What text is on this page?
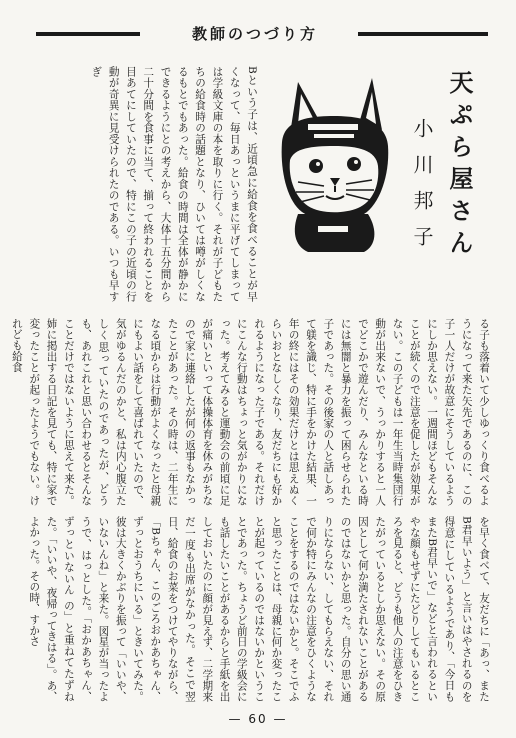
教師のつづり方
天ぷら屋さん
小川邦子
Bという子は、近頃急に給食を食べることが早くなって、毎日あっというまに平げてしまっては学級文庫の本を取りに行く。それが子どもたちの給食時の話題となり、ひいては噂がしくなるもとでもあった。給食の時間は全体が静かにできるようにとの考えから、大体十五分間から二十分間を食事に当て、揃って終われることを目あてにしていたので、特にこの子の近頃の行動が奇異に見受けられたのである。いつも早すぎ
る子も落着いて少しゆっくり食べるようになって来た矢先であるのに、この子一人だけが故意にそうしているようにしか思えない。一週間ほどもそんなことが続くので注意を促したが効果がない。この子どもは一年生当時集団行動が出来ないで、うっかりすると一人でどこかで遊んだり、みんなといる時には無闇と暴力を振って困らせられた子であった。その後家の人と話しあって躾を識じ、特に手をかけた結果、一年の終にはその効果だけとは思えぬくらいおとなしくなり、友だちにも好かれるようになった子である。それだけにこんな行動はちょっと気がかりになった。考えてみると運動会の前頃に足が痛いといって体操体育を休みがちなので家に連絡したが何の返事もなかったことがあった。その時は、二年生になる頃からは行動がよくなったと母親にもよい話をして喜ばれていたので、気がゆるんだのかと、私は内心腹立たしく思っていたのであったが、どうも、あれこれと思い合わせるとそんなことだけではないように思えて来た。姉に掲出する日記を見ても、特に家で変ったことが起ったようでもない。けれども給食
を早く食べて、友だちに「あっ、またB君早いよう」と言いはやされるのを得意にしているようであり、「今日もまたB君早いで」などと言われるといやな顔もせずにたどりしてもいるところを見ると、どうも他人の注意をひきたがっているとしか思えない。その原因として何か満たされないことがあるのではないかと思った。自分の思い通りにならない、してもらえない、それで何か特にみんなの注意をひくようなことをするのではないかと。そこでふと思ったことは、母親に何か変ったことが起っているのではないかということであった。ちょうど前日の学級会にも話したいことがあるからと手紙を出しておいたのに顔が見えず、二学期来だ一度も出席がなかった。そこで翌日、給食のお菜をつけてやりながら、「Bちゃん、このごろおかあちゃん、ずっとおうちにいる」ときいてみた。彼は大きくかぶりを振って「いいや、いないんね」と来た。図星が当ったようで、はっとした。「おかあちゃん、ずっといないん の」と重ねてたずねた。「いいや、夜帰ってきはる」。あ、よかった。その時、すかさ
— 60 —
